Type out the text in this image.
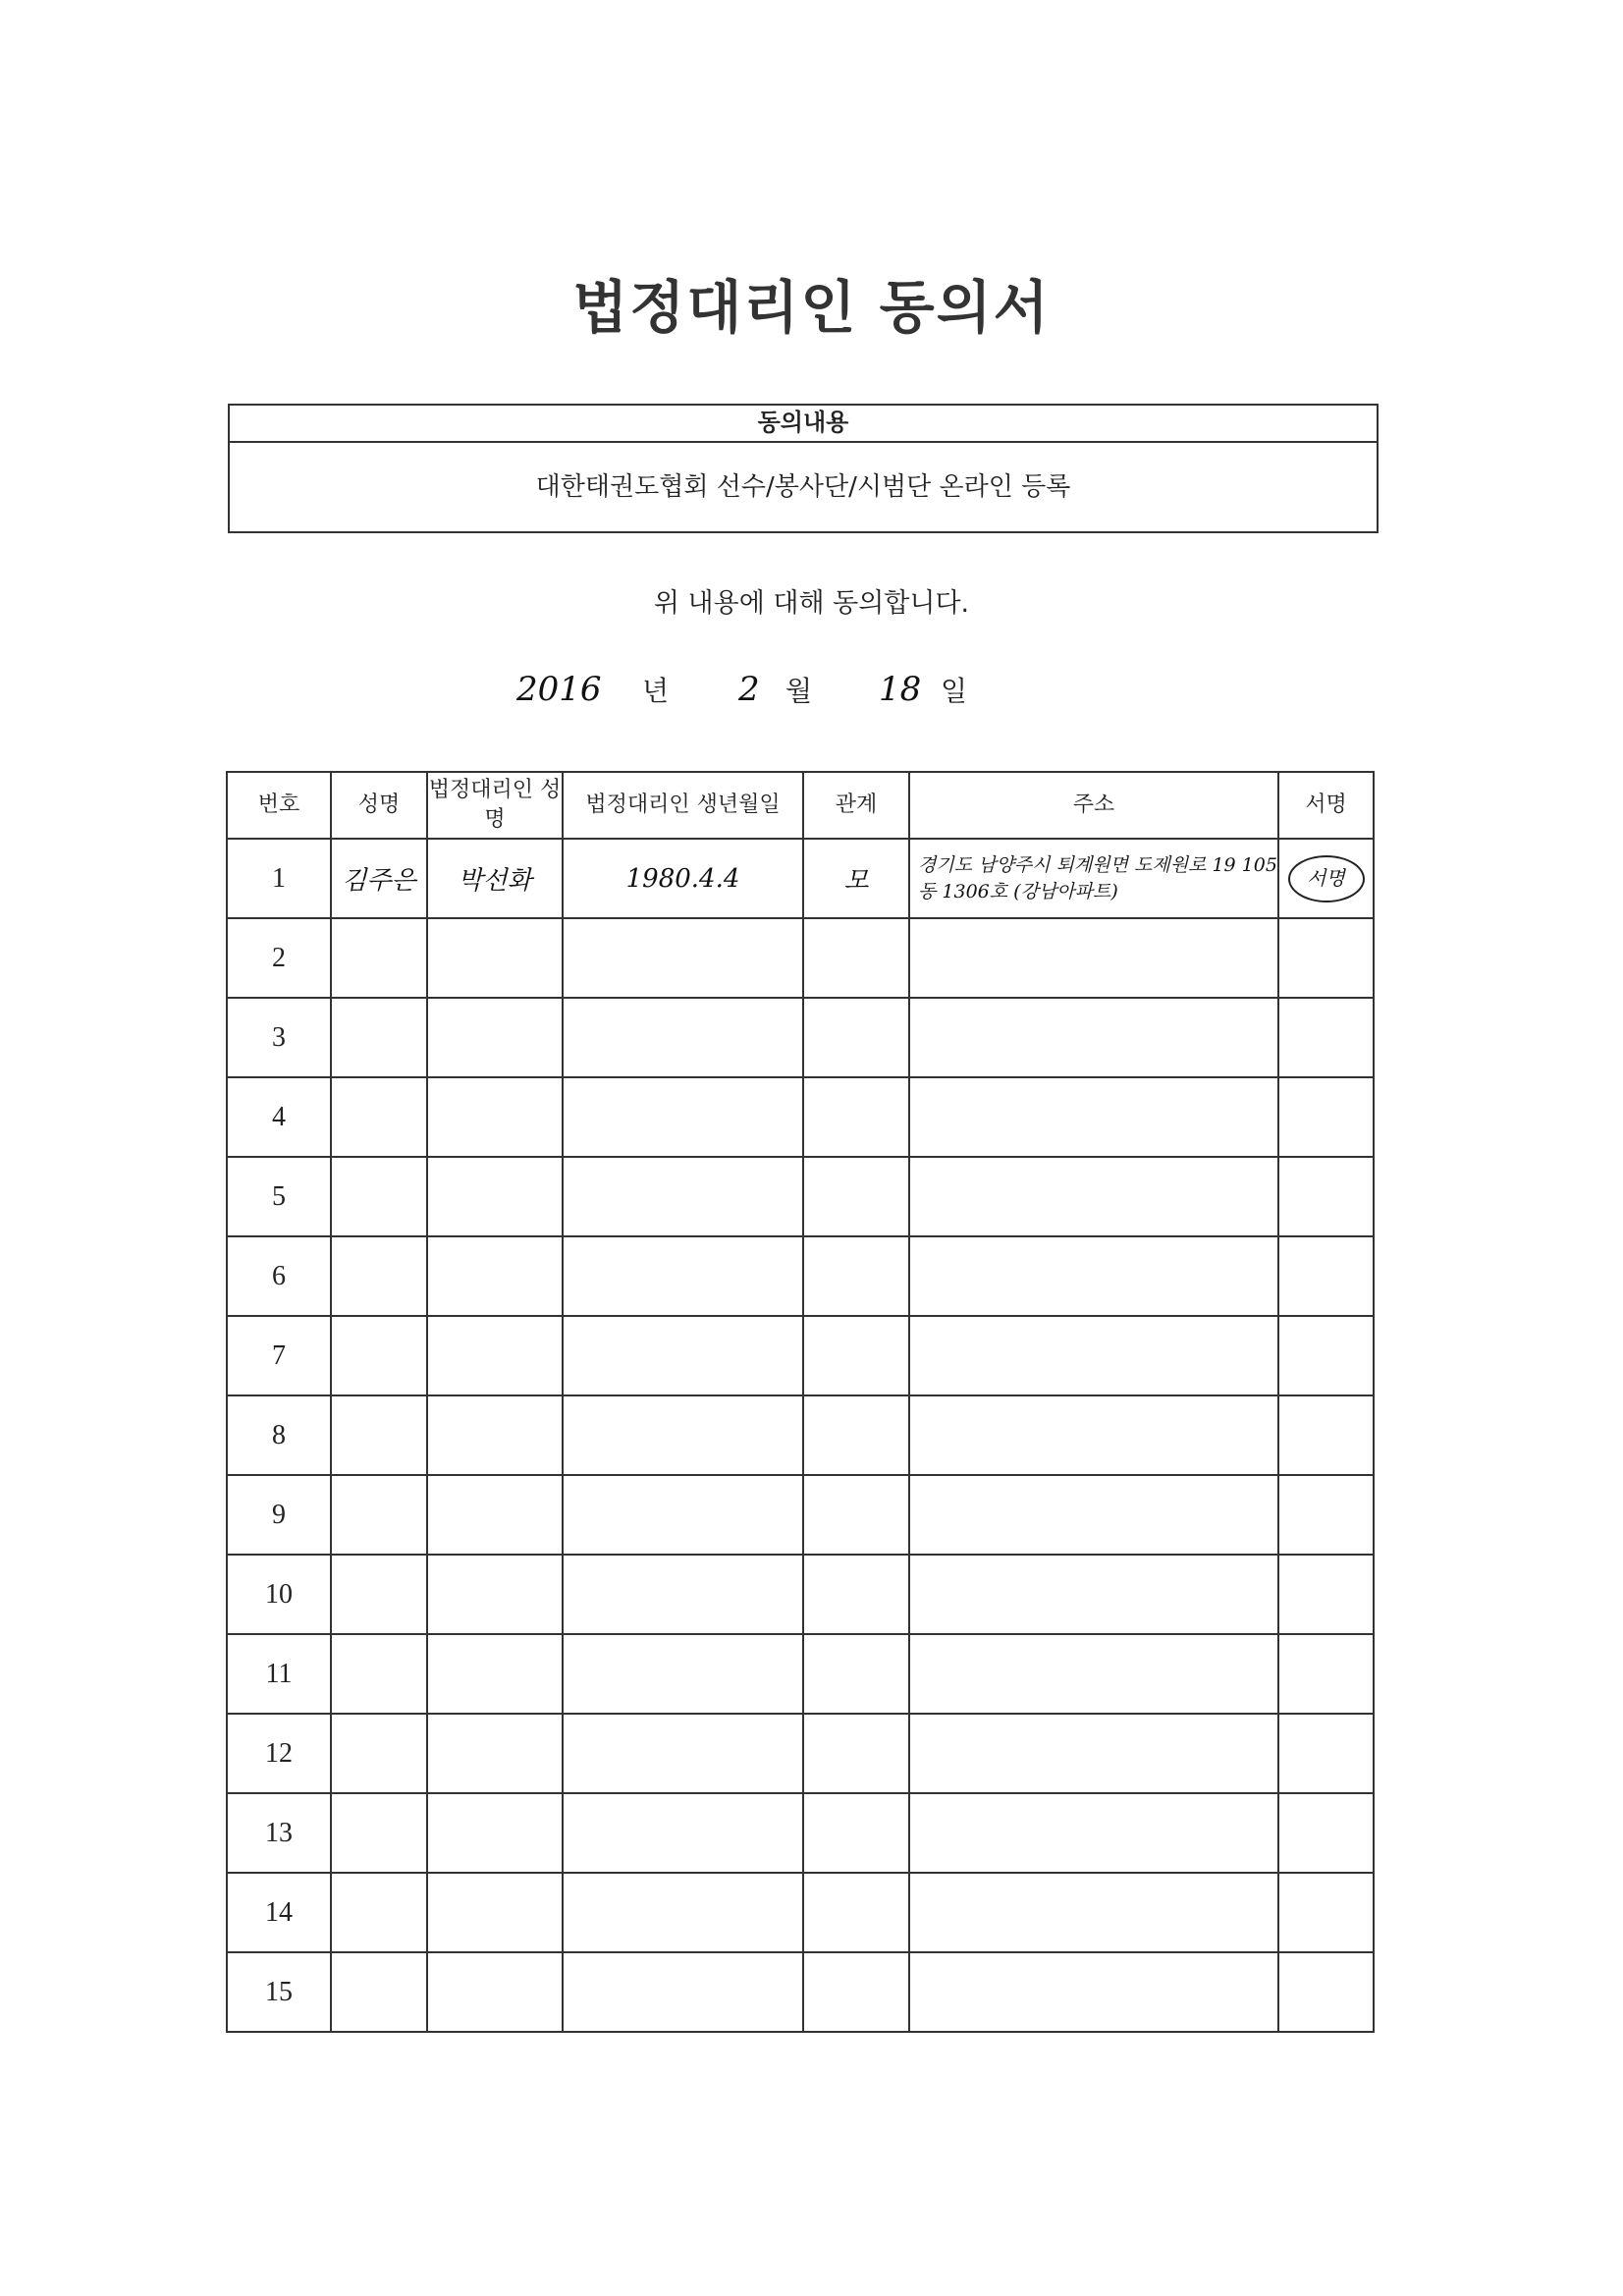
법정대리인 동의서
동의내용
대한태권도협회 선수/봉사단/시범단 온라인 등록
위 내용에 대해 동의합니다.
2016 년 2 월 18 일
번호	성명	법정대리인 성명	법정대리인 생년월일	관계	주소	서명
1	김주은	박선화	1980.4.4	모	경기도 남양주시 퇴계원면 도제원로 19 105동 1306호 (강남아파트)	서명
2						
3						
4						
5						
6						
7						
8						
9						
10						
11						
12						
13						
14						
15						
